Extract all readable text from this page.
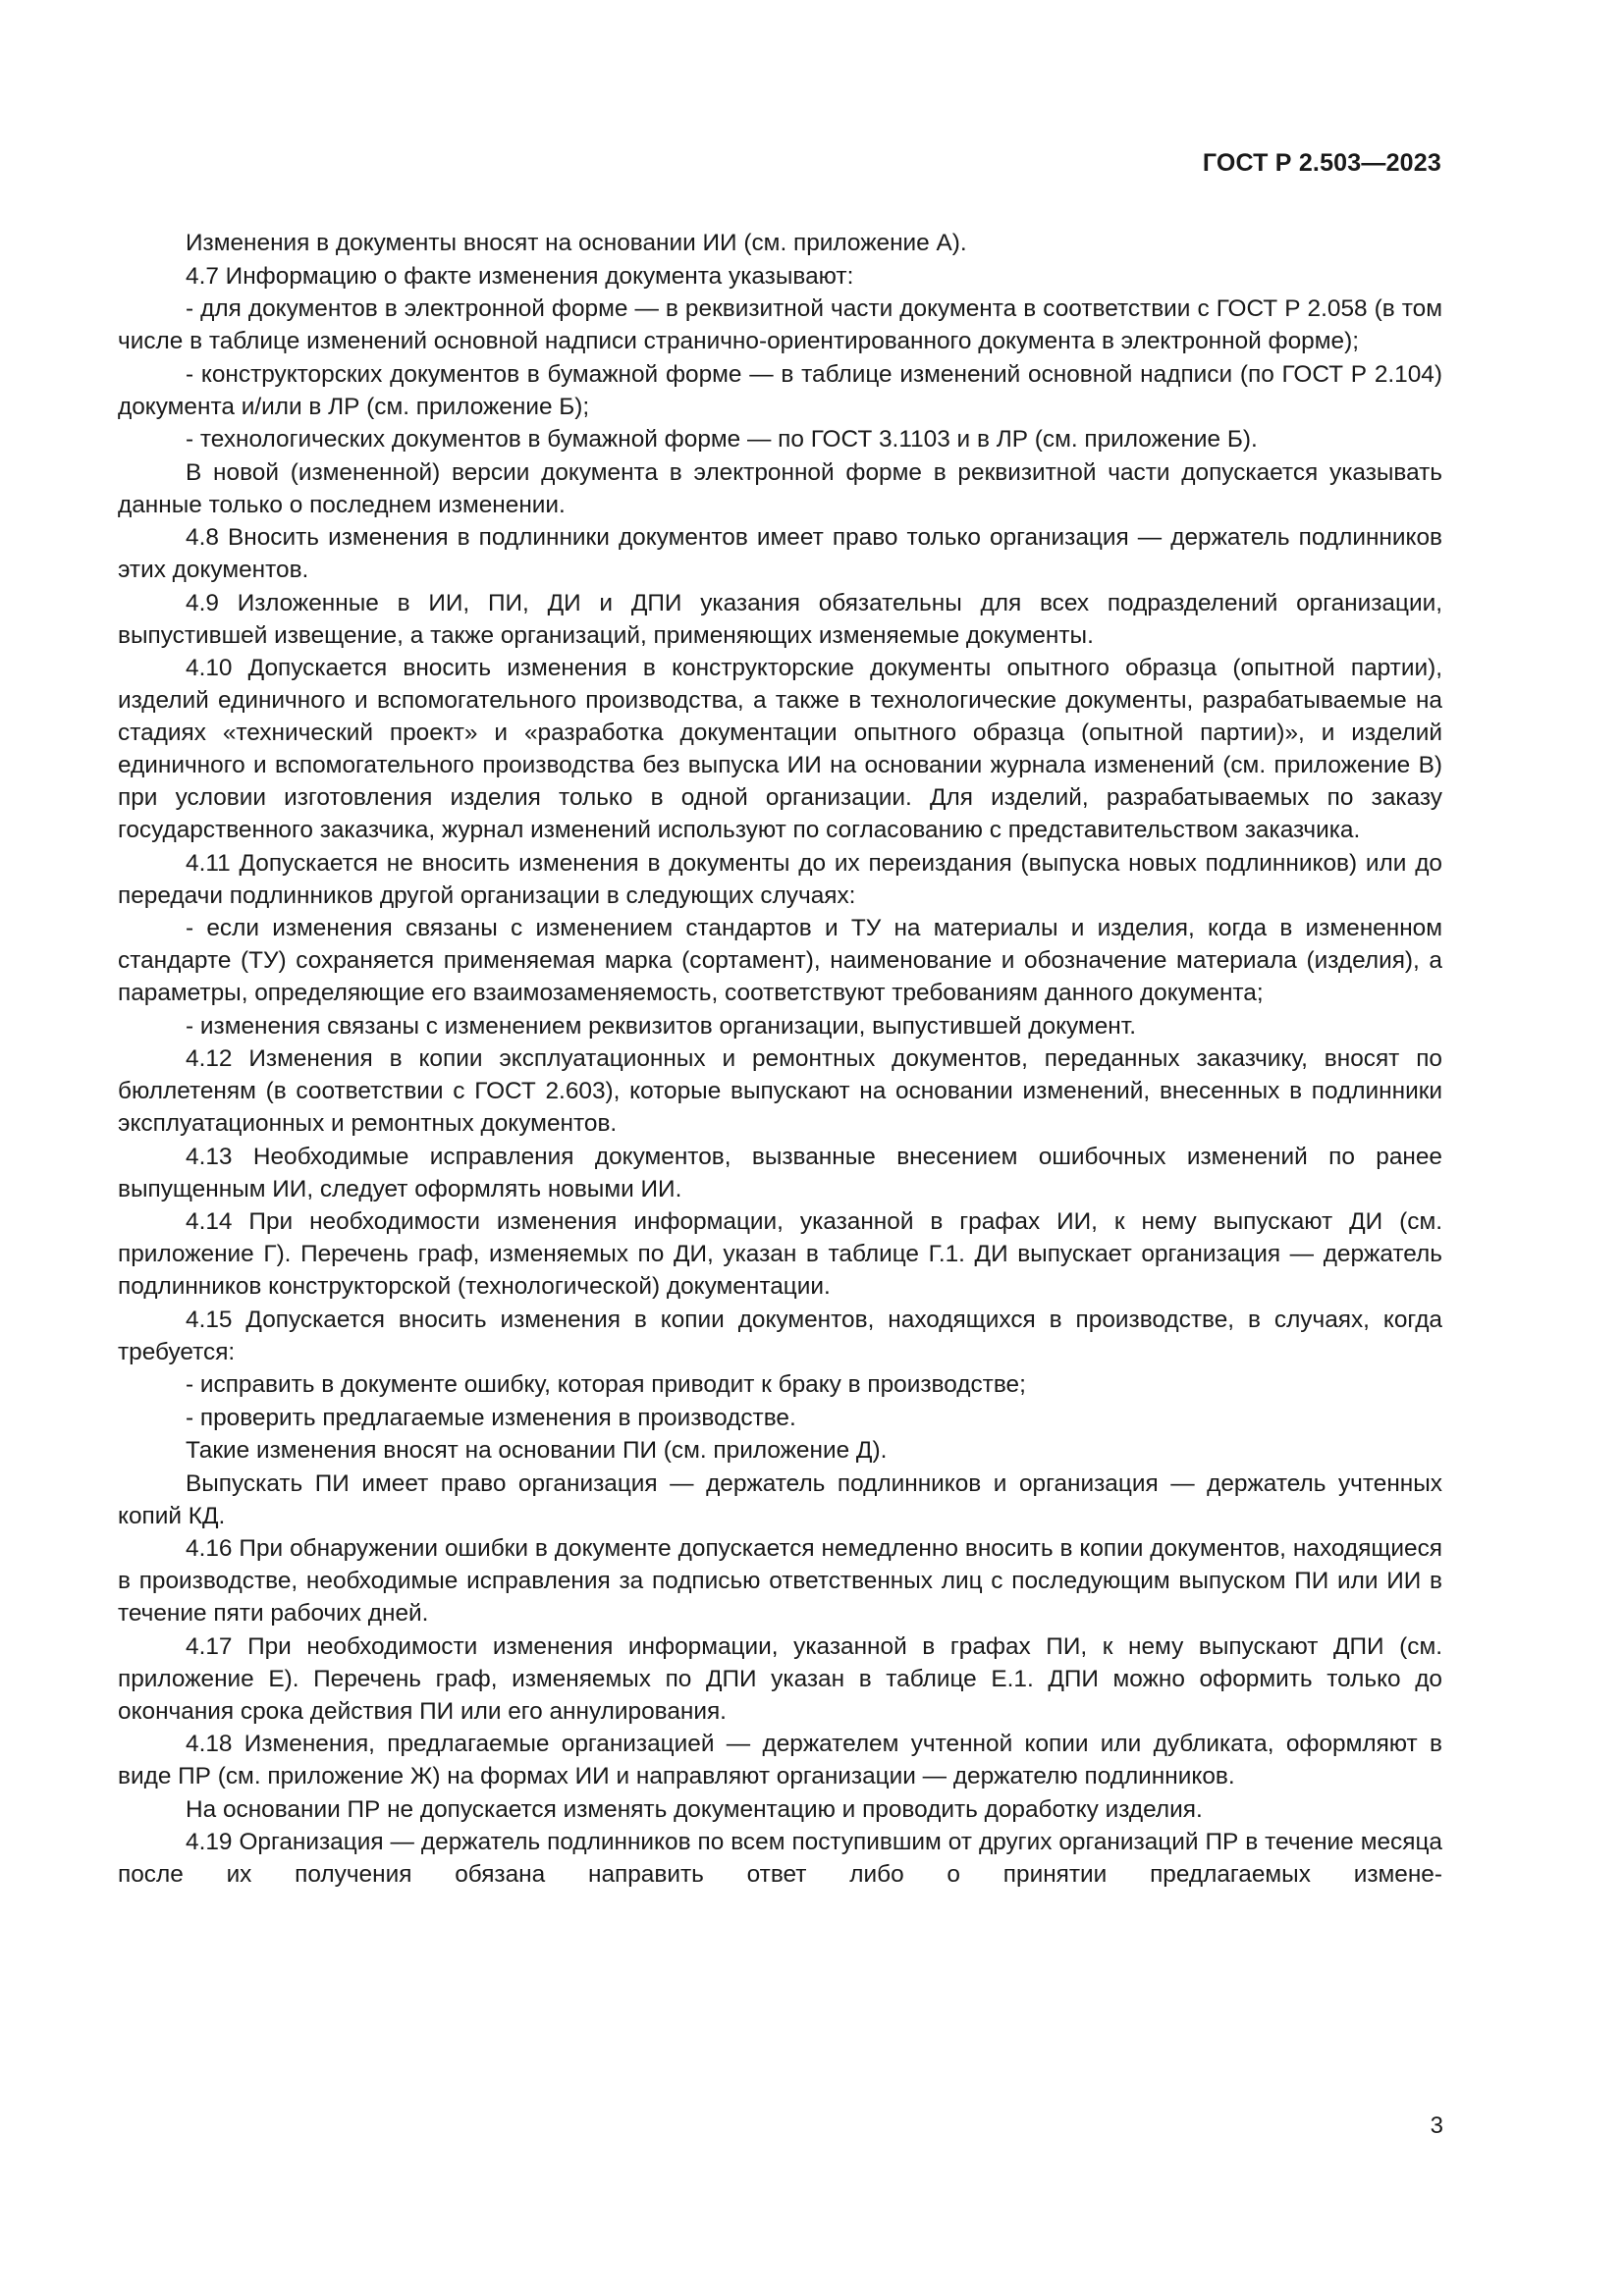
ГОСТ Р 2.503—2023

Изменения в документы вносят на основании ИИ (см. приложение А).

4.7 Информацию о факте изменения документа указывают:

- для документов в электронной форме — в реквизитной части документа в соответствии с ГОСТ Р 2.058 (в том числе в таблице изменений основной надписи странично-ориентированного документа в электронной форме);

- конструкторских документов в бумажной форме — в таблице изменений основной надписи (по ГОСТ Р 2.104) документа и/или в ЛР (см. приложение Б);

- технологических документов в бумажной форме — по ГОСТ 3.1103 и в ЛР (см. приложение Б).

В новой (измененной) версии документа в электронной форме в реквизитной части допускается указывать данные только о последнем изменении.

4.8 Вносить изменения в подлинники документов имеет право только организация — держатель подлинников этих документов.

4.9 Изложенные в ИИ, ПИ, ДИ и ДПИ указания обязательны для всех подразделений организации, выпустившей извещение, а также организаций, применяющих изменяемые документы.

4.10 Допускается вносить изменения в конструкторские документы опытного образца (опытной партии), изделий единичного и вспомогательного производства, а также в технологические документы, разрабатываемые на стадиях «технический проект» и «разработка документации опытного образца (опытной партии)», и изделий единичного и вспомогательного производства без выпуска ИИ на основании журнала изменений (см. приложение В) при условии изготовления изделия только в одной организации. Для изделий, разрабатываемых по заказу государственного заказчика, журнал изменений используют по согласованию с представительством заказчика.

4.11 Допускается не вносить изменения в документы до их переиздания (выпуска новых подлинников) или до передачи подлинников другой организации в следующих случаях:

- если изменения связаны с изменением стандартов и ТУ на материалы и изделия, когда в измененном стандарте (ТУ) сохраняется применяемая марка (сортамент), наименование и обозначение материала (изделия), а параметры, определяющие его взаимозаменяемость, соответствуют требованиям данного документа;

- изменения связаны с изменением реквизитов организации, выпустившей документ.

4.12 Изменения в копии эксплуатационных и ремонтных документов, переданных заказчику, вносят по бюллетеням (в соответствии с ГОСТ 2.603), которые выпускают на основании изменений, внесенных в подлинники эксплуатационных и ремонтных документов.

4.13 Необходимые исправления документов, вызванные внесением ошибочных изменений по ранее выпущенным ИИ, следует оформлять новыми ИИ.

4.14 При необходимости изменения информации, указанной в графах ИИ, к нему выпускают ДИ (см. приложение Г). Перечень граф, изменяемых по ДИ, указан в таблице Г.1. ДИ выпускает организация — держатель подлинников конструкторской (технологической) документации.

4.15 Допускается вносить изменения в копии документов, находящихся в производстве, в случаях, когда требуется:

- исправить в документе ошибку, которая приводит к браку в производстве;

- проверить предлагаемые изменения в производстве.

Такие изменения вносят на основании ПИ (см. приложение Д).

Выпускать ПИ имеет право организация — держатель подлинников и организация — держатель учтенных копий КД.

4.16 При обнаружении ошибки в документе допускается немедленно вносить в копии документов, находящиеся в производстве, необходимые исправления за подписью ответственных лиц с последующим выпуском ПИ или ИИ в течение пяти рабочих дней.

4.17 При необходимости изменения информации, указанной в графах ПИ, к нему выпускают ДПИ (см. приложение Е). Перечень граф, изменяемых по ДПИ указан в таблице Е.1. ДПИ можно оформить только до окончания срока действия ПИ или его аннулирования.

4.18 Изменения, предлагаемые организацией — держателем учтенной копии или дубликата, оформляют в виде ПР (см. приложение Ж) на формах ИИ и направляют организации — держателю подлинников.

На основании ПР не допускается изменять документацию и проводить доработку изделия.

4.19 Организация — держатель подлинников по всем поступившим от других организаций ПР в течение месяца после их получения обязана направить ответ либо о принятии предлагаемых измене-

3
